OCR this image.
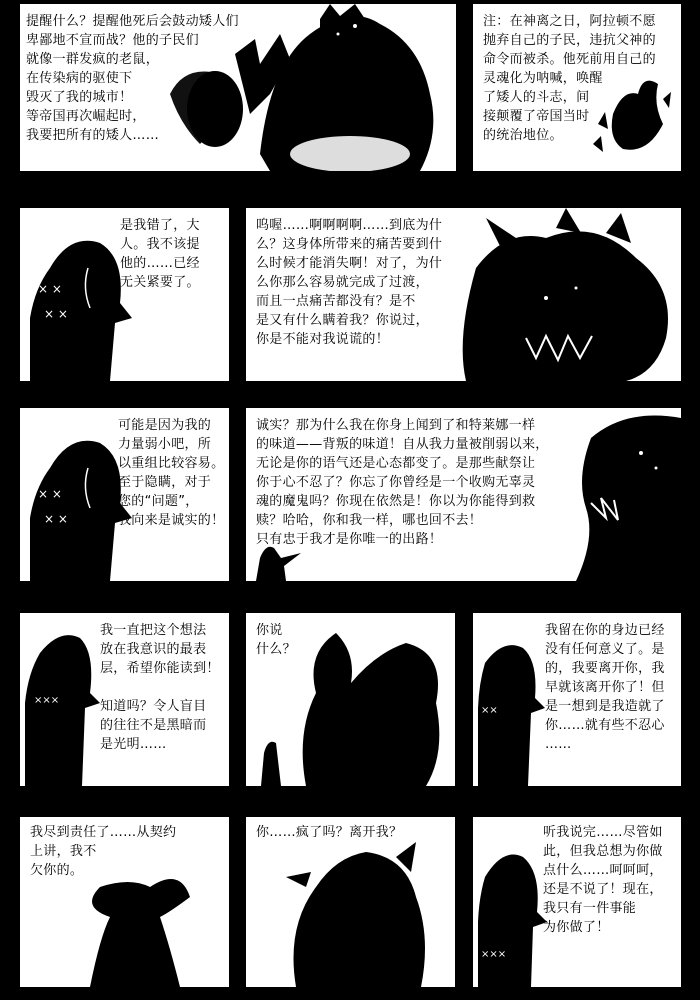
提醒什么？提醒他死后会鼓动矮人们
卑鄙地不宣而战？他的子民们
就像一群发疯的老鼠，
在传染病的驱使下
毁灭了我的城市！
等帝国再次崛起时，
我要把所有的矮人……
注：在神离之日，阿拉顿不愿
抛弃自己的子民，违抗父神的
命令而被杀。他死前用自己的
灵魂化为呐喊，唤醒
了矮人的斗志，间
接颠覆了帝国当时
的统治地位。
× ×
× ×
是我错了，大
人。我不该提
他的……已经
无关紧要了。
呜喔……啊啊啊啊……到底为什
么？这身体所带来的痛苦要到什
么时候才能消失啊！对了，为什
么你那么容易就完成了过渡，
而且一点痛苦都没有？是不
是又有什么瞒着我？你说过，
你是不能对我说谎的！
× ×
× ×
可能是因为我的
力量弱小吧，所
以重组比较容易。
至于隐瞒，对于
您的“问题”，
我向来是诚实的！
诚实？那为什么我在你身上闻到了和特莱娜一样
的味道——背叛的味道！自从我力量被削弱以来，
无论是你的语气还是心态都变了。是那些献祭让
你于心不忍了？你忘了你曾经是一个收购无辜灵
魂的魔鬼吗？你现在依然是！你以为你能得到救
赎？哈哈，你和我一样，哪也回不去！
只有忠于我才是你唯一的出路！
×××
我一直把这个想法
放在我意识的最表
层，希望你能读到！

知道吗？令人盲目
的往往不是黑暗而
是光明……
你说
什么？
××
我留在你的身边已经
没有任何意义了。是
的，我要离开你，我
早就该离开你了！但
是一想到是我造就了
你……就有些不忍心
……
我尽到责任了……从契约
上讲，我不
欠你的。
你……疯了吗？离开我？
×××
听我说完……尽管如
此，但我总想为你做
点什么……呵呵呵，
还是不说了！现在，
我只有一件事能
为你做了！
